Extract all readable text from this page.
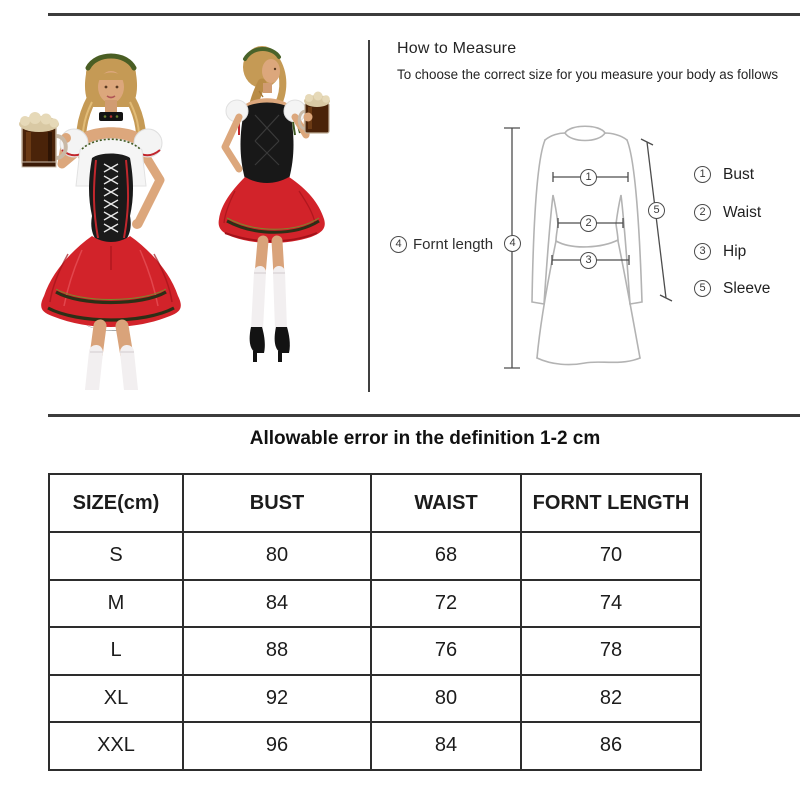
How to Measure
To choose the correct size for you measure your body as follows
1
2
3
4
5
4 Fornt length
1	Bust
2	Waist
3	Hip
5	Sleeve
Allowable error in the definition 1-2 cm
SIZE(cm)	BUST	WAIST	FORNT LENGTH
S	80	68	70
M	84	72	74
L	88	76	78
XL	92	80	82
XXL	96	84	86
